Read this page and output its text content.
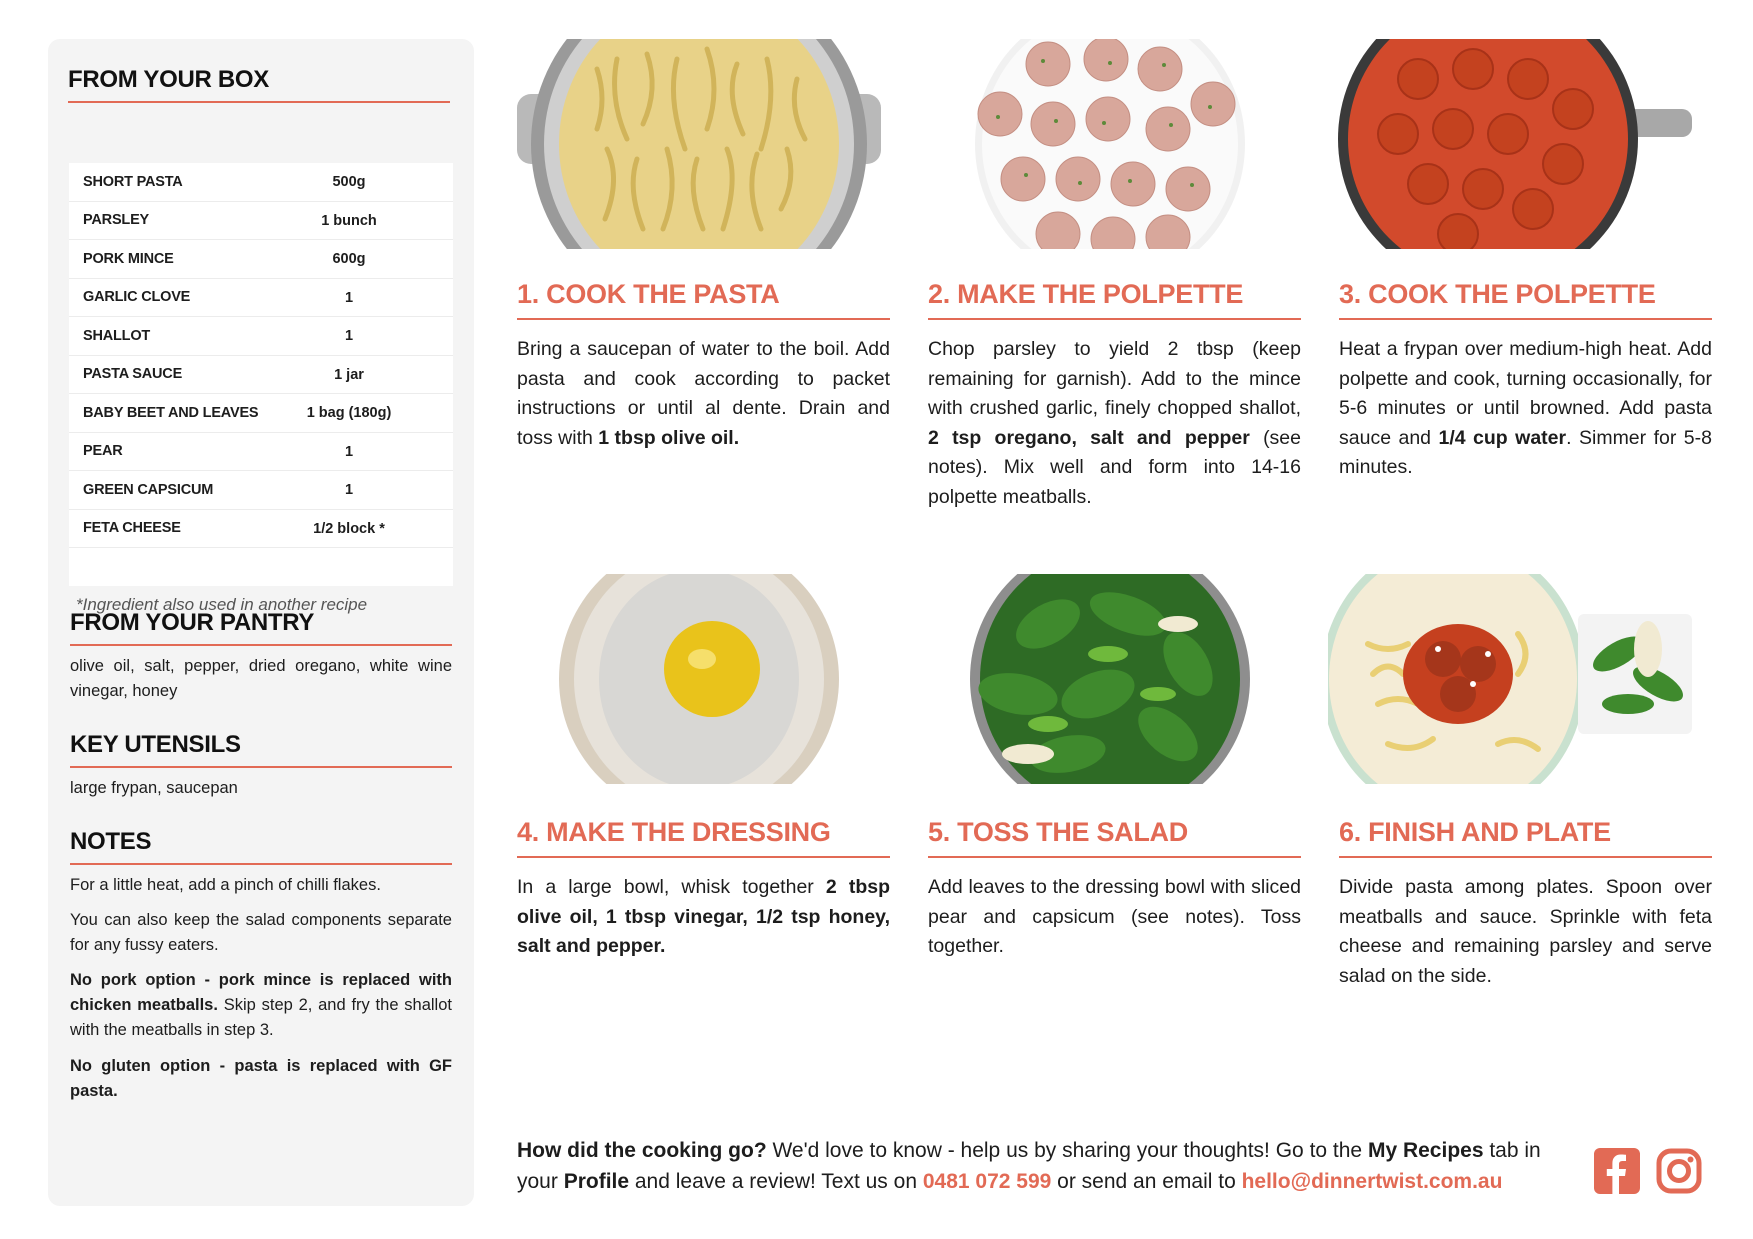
FROM YOUR BOX
SHORT PASTA	500g
PARSLEY	1 bunch
PORK MINCE	600g
GARLIC CLOVE	1
SHALLOT	1
PASTA SAUCE	1 jar
BABY BEET AND LEAVES	1 bag (180g)
PEAR	1
GREEN CAPSICUM	1
FETA CHEESE	1/2 block *
*Ingredient also used in another recipe
FROM YOUR PANTRY
olive oil, salt, pepper, dried oregano, white wine vinegar, honey
KEY UTENSILS
large frypan, saucepan
NOTES
For a little heat, add a pinch of chilli flakes.
You can also keep the salad components separate for any fussy eaters.
No pork option - pork mince is replaced with chicken meatballs. Skip step 2, and fry the shallot with the meatballs in step 3.
No gluten option - pasta is replaced with GF pasta.
1. COOK THE PASTA
Bring a saucepan of water to the boil. Add pasta and cook according to packet instructions or until al dente. Drain and toss with 1 tbsp olive oil.
2. MAKE THE POLPETTE
Chop parsley to yield 2 tbsp (keep remaining for garnish). Add to the mince with crushed garlic, finely chopped shallot, 2 tsp oregano, salt and pepper (see notes). Mix well and form into 14-16 polpette meatballs.
3. COOK THE POLPETTE
Heat a frypan over medium-high heat. Add polpette and cook, turning occasionally, for 5-6 minutes or until browned. Add pasta sauce and 1/4 cup water. Simmer for 5-8 minutes.
4. MAKE THE DRESSING
In a large bowl, whisk together 2 tbsp olive oil, 1 tbsp vinegar, 1/2 tsp honey, salt and pepper.
5. TOSS THE SALAD
Add leaves to the dressing bowl with sliced pear and capsicum (see notes). Toss together.
6. FINISH AND PLATE
Divide pasta among plates. Spoon over meatballs and sauce. Sprinkle with feta cheese and remaining parsley and serve salad on the side.
How did the cooking go? We'd love to know - help us by sharing your thoughts! Go to the My Recipes tab in your Profile and leave a review! Text us on 0481 072 599 or send an email to hello@dinnertwist.com.au
